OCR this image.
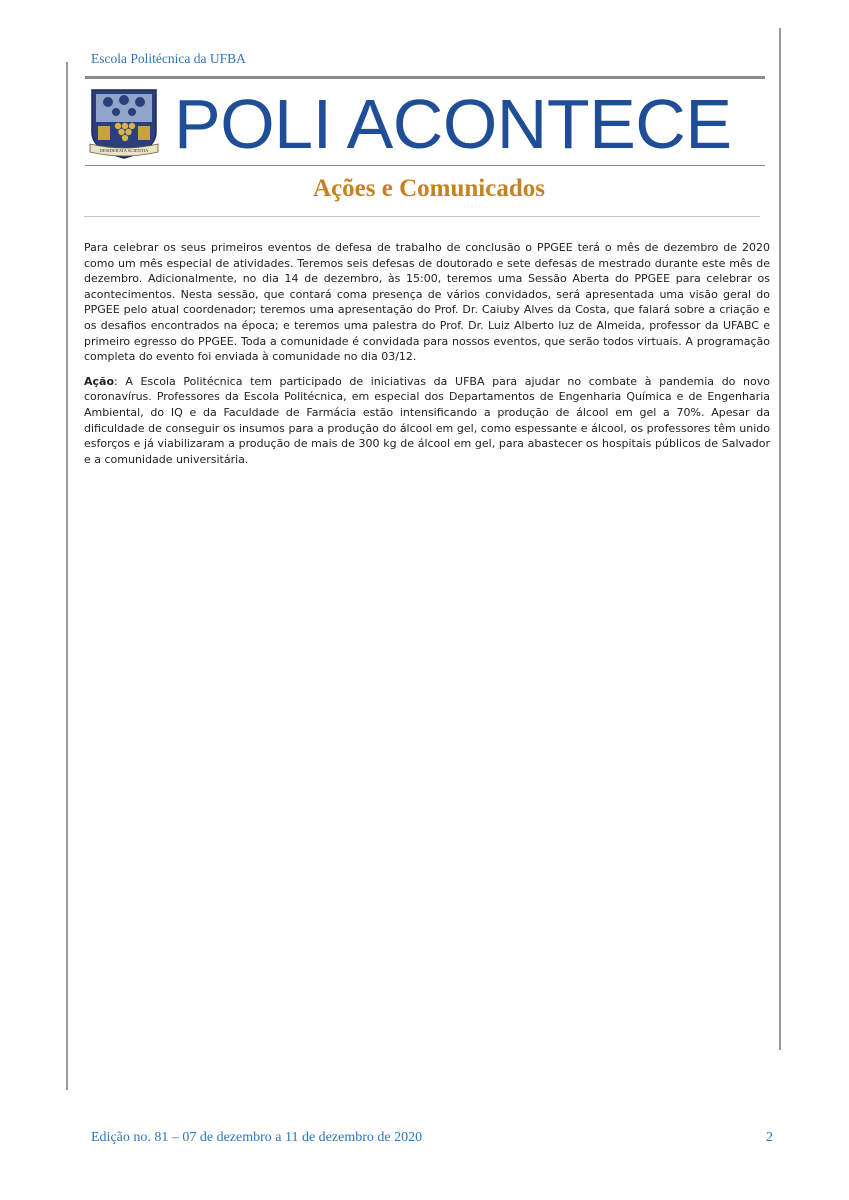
Escola Politécnica da UFBA
DESIDERATA SCIENTIA POLI ACONTECE
Ações e Comunicados

Para celebrar os seus primeiros eventos de defesa de trabalho de conclusão o PPGEE terá o mês de dezembro de 2020 como um mês especial de atividades. Teremos seis defesas de doutorado e sete defesas de mestrado durante este mês de dezembro. Adicionalmente, no dia 14 de dezembro, às 15:00, teremos uma Sessão Aberta do PPGEE para celebrar os acontecimentos. Nesta sessão, que contará coma presença de vários convidados, será apresentada uma visão geral do PPGEE pelo atual coordenador; teremos uma apresentação do Prof. Dr. Caiuby Alves da Costa, que falará sobre a criação e os desafios encontrados na época; e teremos uma palestra do Prof. Dr. Luiz Alberto luz de Almeida, professor da UFABC e primeiro egresso do PPGEE. Toda a comunidade é convidada para nossos eventos, que serão todos virtuais. A programação completa do evento foi enviada à comunidade no dia 03/12.

Ação: A Escola Politécnica tem participado de iniciativas da UFBA para ajudar no combate à pandemia do novo coronavírus. Professores da Escola Politécnica, em especial dos Departamentos de Engenharia Química e de Engenharia Ambiental, do IQ e da Faculdade de Farmácia estão intensificando a produção de álcool em gel a 70%. Apesar da dificuldade de conseguir os insumos para a produção do álcool em gel, como espessante e álcool, os professores têm unido esforços e já viabilizaram a produção de mais de 300 kg de álcool em gel, para abastecer os hospitais públicos de Salvador e a comunidade universitária.

Edição no. 81 – 07 de dezembro a 11 de dezembro de 2020	2
